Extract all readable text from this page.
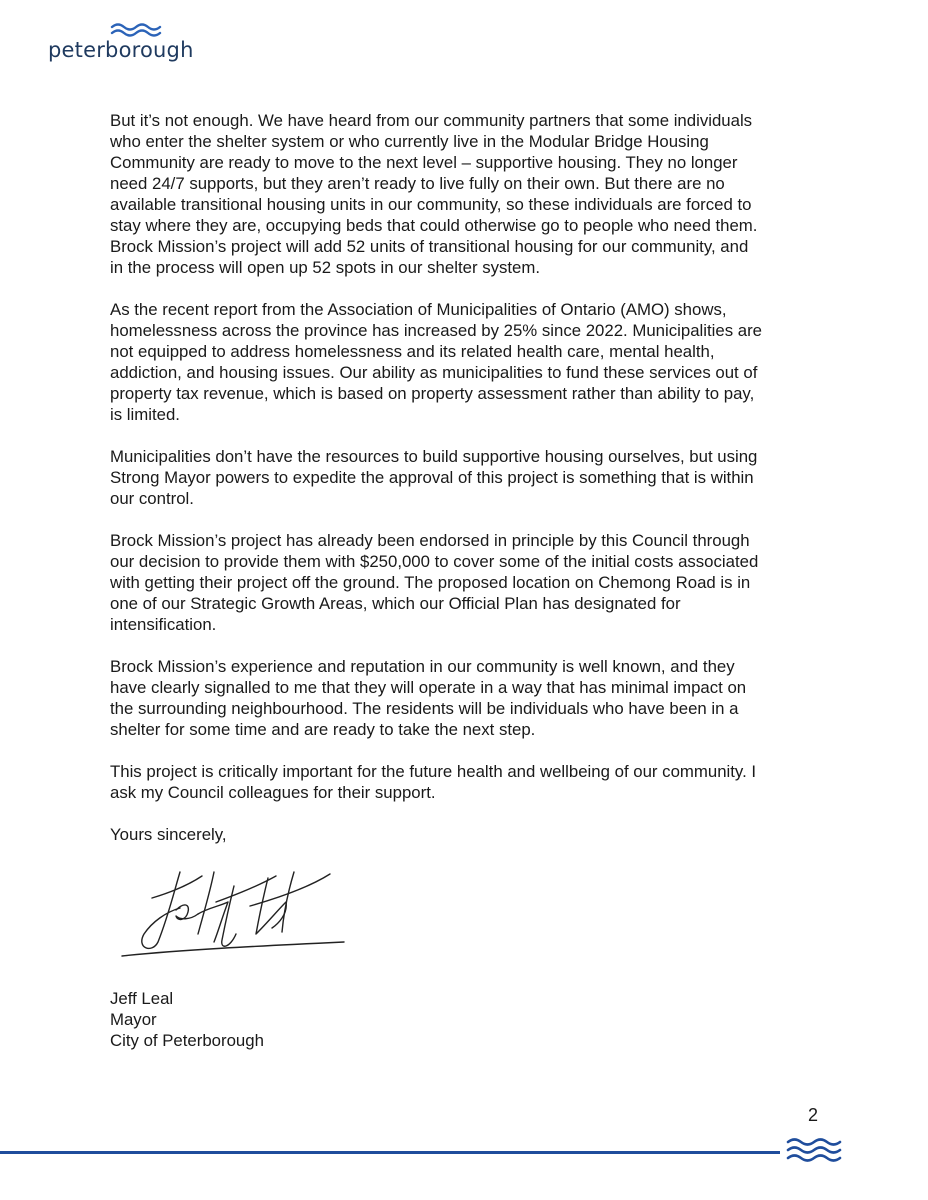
peterborough

But it’s not enough. We have heard from our community partners that some individuals
who enter the shelter system or who currently live in the Modular Bridge Housing
Community are ready to move to the next level – supportive housing. They no longer
need 24/7 supports, but they aren’t ready to live fully on their own. But there are no
available transitional housing units in our community, so these individuals are forced to
stay where they are, occupying beds that could otherwise go to people who need them.
Brock Mission’s project will add 52 units of transitional housing for our community, and
in the process will open up 52 spots in our shelter system.

As the recent report from the Association of Municipalities of Ontario (AMO) shows,
homelessness across the province has increased by 25% since 2022. Municipalities are
not equipped to address homelessness and its related health care, mental health,
addiction, and housing issues. Our ability as municipalities to fund these services out of
property tax revenue, which is based on property assessment rather than ability to pay,
is limited.

Municipalities don’t have the resources to build supportive housing ourselves, but using
Strong Mayor powers to expedite the approval of this project is something that is within
our control.

Brock Mission’s project has already been endorsed in principle by this Council through
our decision to provide them with $250,000 to cover some of the initial costs associated
with getting their project off the ground. The proposed location on Chemong Road is in
one of our Strategic Growth Areas, which our Official Plan has designated for
intensification.

Brock Mission’s experience and reputation in our community is well known, and they
have clearly signalled to me that they will operate in a way that has minimal impact on
the surrounding neighbourhood. The residents will be individuals who have been in a
shelter for some time and are ready to take the next step.

This project is critically important for the future health and wellbeing of our community. I
ask my Council colleagues for their support.

Yours sincerely,

Jeff Leal
Mayor
City of Peterborough
2
